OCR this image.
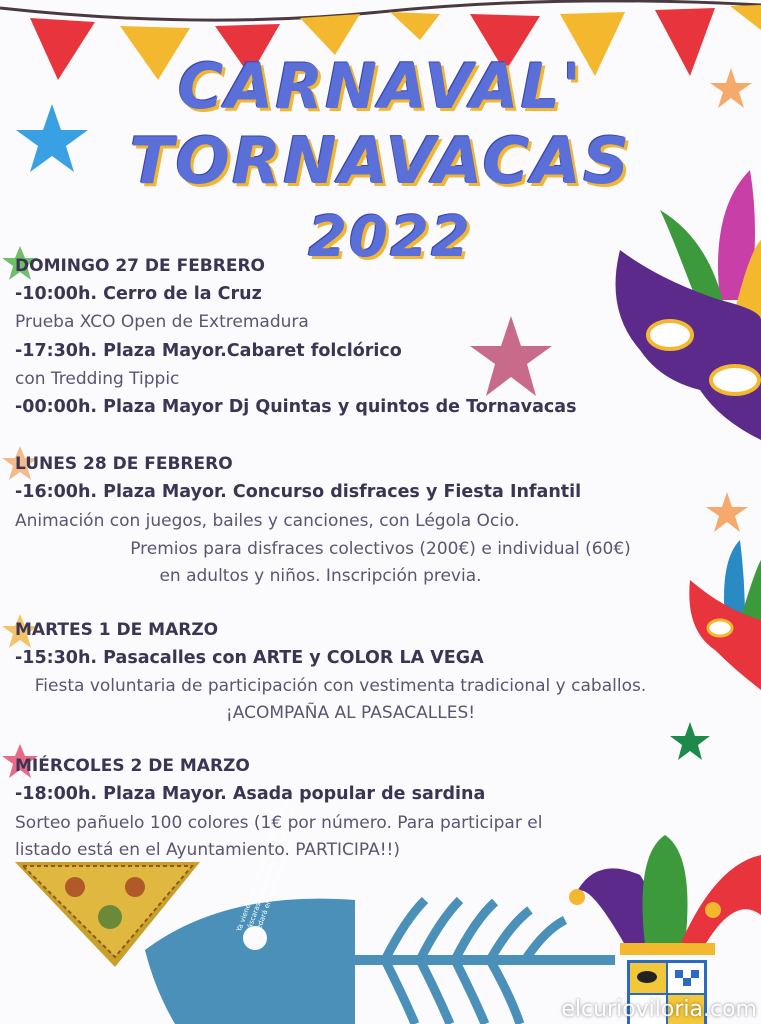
CARNAVAL'
TORNAVACAS
2022
Ya vienen los Carnavales la fiesta de las máscaras lo que no se salga nunca se quedará en el año que viene
DOMINGO 27 DE FEBRERO
-10:00h. Cerro de la Cruz
Prueba XCO Open de Extremadura
-17:30h. Plaza Mayor.Cabaret folclórico
con Tredding Tippic
-00:00h. Plaza Mayor Dj Quintas y quintos de Tornavacas
LUNES 28 DE FEBRERO
-16:00h. Plaza Mayor. Concurso disfraces y Fiesta Infantil
Animación con juegos, bailes y canciones, con Légola Ocio.
Premios para disfraces colectivos (200€) e individual (60€)
en adultos y niños. Inscripción previa.
MARTES 1 DE MARZO
-15:30h. Pasacalles con ARTE y COLOR LA VEGA
Fiesta voluntaria de participación con vestimenta tradicional y caballos.
¡ACOMPAÑA AL PASACALLES!
MIÉRCOLES 2 DE MARZO
-18:00h. Plaza Mayor. Asada popular de sardina
Sorteo pañuelo 100 colores (1€ por número. Para participar el
listado está en el Ayuntamiento. PARTICIPA!!)
elcurioviloria.com
